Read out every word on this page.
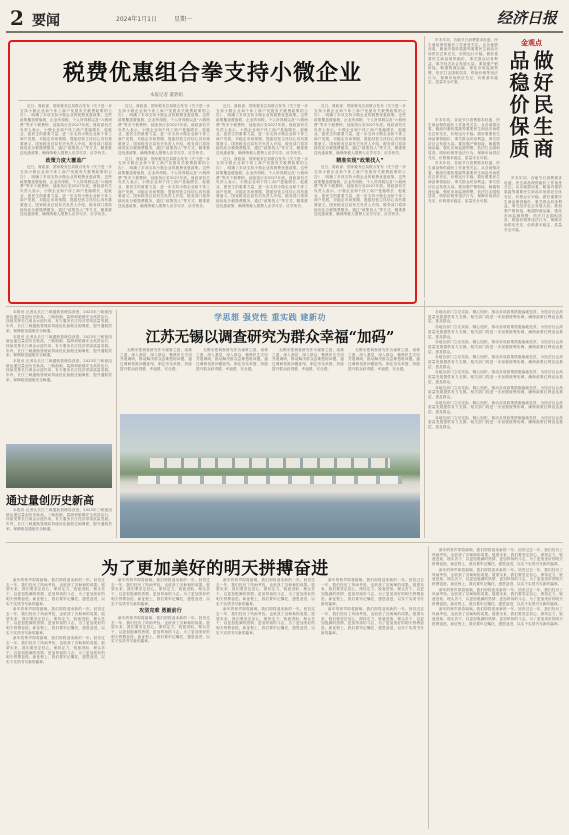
2 要闻	2024年1月1日	星期一	经济日报
税费优惠组合拳支持小微企业
本报记者 董碧娟

近日，财政部、国家税务总局联合发布《关于进一步支持小微企业和个体工商户发展有关税费政策的公告》，明确了多项支持小微企业的税费优惠政策。这些政策覆盖增值税、企业所得税、个人所得税以及“六税两费”等多个税费种，延续执行至2027年底。财政部有关负责人表示，小微企业和个体工商户是稳增长、促就业、惠民生的重要力量，进一步支持小微企业和个体工商户发展，对稳定市场预期、提振经营主体信心具有重要意义。国家税务总局有关负责人介绍，税务部门将持续优化办税缴费服务，通过“政策找人”等方式，精准推送优惠政策，确保纳税人缴费人应享尽享、应享快享。

政策力度大覆盖广

近日，财政部、国家税务总局联合发布《关于进一步支持小微企业和个体工商户发展有关税费政策的公告》，明确了多项支持小微企业的税费优惠政策。这些政策覆盖增值税、企业所得税、个人所得税以及“六税两费”等多个税费种，延续执行至2027年底。财政部有关负责人表示，小微企业和个体工商户是稳增长、促就业、惠民生的重要力量，进一步支持小微企业和个体工商户发展，对稳定市场预期、提振经营主体信心具有重要意义。国家税务总局有关负责人介绍，税务部门将持续优化办税缴费服务，通过“政策找人”等方式，精准推送优惠政策，确保纳税人缴费人应享尽享、应享快享。

近日，财政部、国家税务总局联合发布《关于进一步支持小微企业和个体工商户发展有关税费政策的公告》，明确了多项支持小微企业的税费优惠政策。这些政策覆盖增值税、企业所得税、个人所得税以及“六税两费”等多个税费种，延续执行至2027年底。财政部有关负责人表示，小微企业和个体工商户是稳增长、促就业、惠民生的重要力量，进一步支持小微企业和个体工商户发展，对稳定市场预期、提振经营主体信心具有重要意义。国家税务总局有关负责人介绍，税务部门将持续优化办税缴费服务，通过“政策找人”等方式，精准推送优惠政策，确保纳税人缴费人应享尽享、应享快享。

近日，财政部、国家税务总局联合发布《关于进一步支持小微企业和个体工商户发展有关税费政策的公告》，明确了多项支持小微企业的税费优惠政策。这些政策覆盖增值税、企业所得税、个人所得税以及“六税两费”等多个税费种，延续执行至2027年底。财政部有关负责人表示，小微企业和个体工商户是稳增长、促就业、惠民生的重要力量，进一步支持小微企业和个体工商户发展，对稳定市场预期、提振经营主体信心具有重要意义。国家税务总局有关负责人介绍，税务部门将持续优化办税缴费服务，通过“政策找人”等方式，精准推送优惠政策，确保纳税人缴费人应享尽享、应享快享。

近日，财政部、国家税务总局联合发布《关于进一步支持小微企业和个体工商户发展有关税费政策的公告》，明确了多项支持小微企业的税费优惠政策。这些政策覆盖增值税、企业所得税、个人所得税以及“六税两费”等多个税费种，延续执行至2027年底。财政部有关负责人表示，小微企业和个体工商户是稳增长、促就业、惠民生的重要力量，进一步支持小微企业和个体工商户发展，对稳定市场预期、提振经营主体信心具有重要意义。国家税务总局有关负责人介绍，税务部门将持续优化办税缴费服务，通过“政策找人”等方式，精准推送优惠政策，确保纳税人缴费人应享尽享、应享快享。

近日，财政部、国家税务总局联合发布《关于进一步支持小微企业和个体工商户发展有关税费政策的公告》，明确了多项支持小微企业的税费优惠政策。这些政策覆盖增值税、企业所得税、个人所得税以及“六税两费”等多个税费种，延续执行至2027年底。财政部有关负责人表示，小微企业和个体工商户是稳增长、促就业、惠民生的重要力量，进一步支持小微企业和个体工商户发展，对稳定市场预期、提振经营主体信心具有重要意义。国家税务总局有关负责人介绍，税务部门将持续优化办税缴费服务，通过“政策找人”等方式，精准推送优惠政策，确保纳税人缴费人应享尽享、应享快享。

近日，财政部、国家税务总局联合发布《关于进一步支持小微企业和个体工商户发展有关税费政策的公告》，明确了多项支持小微企业的税费优惠政策。这些政策覆盖增值税、企业所得税、个人所得税以及“六税两费”等多个税费种，延续执行至2027年底。财政部有关负责人表示，小微企业和个体工商户是稳增长、促就业、惠民生的重要力量，进一步支持小微企业和个体工商户发展，对稳定市场预期、提振经营主体信心具有重要意义。国家税务总局有关负责人介绍，税务部门将持续优化办税缴费服务，通过“政策找人”等方式，精准推送优惠政策，确保纳税人缴费人应享尽享、应享快享。

精准实现“政策找人”

近日，财政部、国家税务总局联合发布《关于进一步支持小微企业和个体工商户发展有关税费政策的公告》，明确了多项支持小微企业的税费优惠政策。这些政策覆盖增值税、企业所得税、个人所得税以及“六税两费”等多个税费种，延续执行至2027年底。财政部有关负责人表示，小微企业和个体工商户是稳增长、促就业、惠民生的重要力量，进一步支持小微企业和个体工商户发展，对稳定市场预期、提振经营主体信心具有重要意义。国家税务总局有关负责人介绍，税务部门将持续优化办税缴费服务，通过“政策找人”等方式，精准推送优惠政策，确保纳税人缴费人应享尽享、应享快享。

岁末年初，各地节日消费需求旺盛，民生商品保供稳价工作备受关注。从各地情况看，粮油肉蛋奶果蔬等重要民生商品市场供应总体充足，价格运行平稳。做好重要民生商品保供稳价，事关群众切身利益，事关经济社会发展大局。要加强产销衔接，畅通物流运输，强化市场监测预警，依法打击囤积居奇、哄抬价格等违法行为，保障市场供应充足、价格基本稳定、质量安全可靠。

金观点
做好民生商品稳价保质

岁末年初，各地节日消费需求旺盛，民生商品保供稳价工作备受关注。从各地情况看，粮油肉蛋奶果蔬等重要民生商品市场供应总体充足，价格运行平稳。做好重要民生商品保供稳价，事关群众切身利益，事关经济社会发展大局。要加强产销衔接，畅通物流运输，强化市场监测预警，依法打击囤积居奇、哄抬价格等违法行为，保障市场供应充足、价格基本稳定、质量安全可靠。

岁末年初，各地节日消费需求旺盛，民生商品保供稳价工作备受关注。从各地情况看，粮油肉蛋奶果蔬等重要民生商品市场供应总体充足，价格运行平稳。做好重要民生商品保供稳价，事关群众切身利益，事关经济社会发展大局。要加强产销衔接，畅通物流运输，强化市场监测预警，依法打击囤积居奇、哄抬价格等违法行为，保障市场供应充足、价格基本稳定、质量安全可靠。

岁末年初，各地节日消费需求旺盛，民生商品保供稳价工作备受关注。从各地情况看，粮油肉蛋奶果蔬等重要民生商品市场供应总体充足，价格运行平稳。做好重要民生商品保供稳价，事关群众切身利益，事关经济社会发展大局。要加强产销衔接，畅通物流运输，强化市场监测预警，依法打击囤积居奇、哄抬价格等违法行为，保障市场供应充足、价格基本稳定、质量安全可靠。

本报讯 记者从长江三峡通航管理局获悉，2023年三峡枢纽航运通过量创历史新高。三峡船闸、葛洲坝船闸安全高效运行，持续发挥长江黄金水道作用，有力服务长江经济带高质量发展。年内，长江三峡通航管理局持续优化船舶过闸调度，提升通航效率，保障枢纽通航安全畅通。

本报讯 记者从长江三峡通航管理局获悉，2023年三峡枢纽航运通过量创历史新高。三峡船闸、葛洲坝船闸安全高效运行，持续发挥长江黄金水道作用，有力服务长江经济带高质量发展。年内，长江三峡通航管理局持续优化船舶过闸调度，提升通航效率，保障枢纽通航安全畅通。

本报讯 记者从长江三峡通航管理局获悉，2023年三峡枢纽航运通过量创历史新高。三峡船闸、葛洲坝船闸安全高效运行，持续发挥长江黄金水道作用，有力服务长江经济带高质量发展。年内，长江三峡通航管理局持续优化船舶过闸调度，提升通航效率，保障枢纽通航安全畅通。

通过量创历史新高

本报讯 记者从长江三峡通航管理局获悉，2023年三峡枢纽航运通过量创历史新高。三峡船闸、葛洲坝船闸安全高效运行，持续发挥长江黄金水道作用，有力服务长江经济带高质量发展。年内，长江三峡通航管理局持续优化船舶过闸调度，提升通航效率，保障枢纽通航安全畅通。

学思想 强党性 重实践 建新功
江苏无锡以调查研究为群众幸福“加码”

无锡市把调查研究作为谋事之基、成事之道，深入基层、深入群众，聚焦民生关切开展调研，推动解决群众急难愁盼问题。通过调研找准问题症结，制定务实举措，持续提升群众获得感、幸福感、安全感。

无锡市把调查研究作为谋事之基、成事之道，深入基层、深入群众，聚焦民生关切开展调研，推动解决群众急难愁盼问题。通过调研找准问题症结，制定务实举措，持续提升群众获得感、幸福感、安全感。

无锡市把调查研究作为谋事之基、成事之道，深入基层、深入群众，聚焦民生关切开展调研，推动解决群众急难愁盼问题。通过调研找准问题症结，制定务实举措，持续提升群众获得感、幸福感、安全感。

无锡市把调查研究作为谋事之基、成事之道，深入基层、深入群众，聚焦民生关切开展调研，推动解决群众急难愁盼问题。通过调研找准问题症结，制定务实举措，持续提升群众获得感、幸福感、安全感。

各地各部门立足实际，精心组织，推动各项政策措施落地见效，为经济社会高质量发展提供有力支撑。相关部门将进一步加强统筹协调，确保政策红利直达基层、惠及群众。

各地各部门立足实际，精心组织，推动各项政策措施落地见效，为经济社会高质量发展提供有力支撑。相关部门将进一步加强统筹协调，确保政策红利直达基层、惠及群众。

各地各部门立足实际，精心组织，推动各项政策措施落地见效，为经济社会高质量发展提供有力支撑。相关部门将进一步加强统筹协调，确保政策红利直达基层、惠及群众。

各地各部门立足实际，精心组织，推动各项政策措施落地见效，为经济社会高质量发展提供有力支撑。相关部门将进一步加强统筹协调，确保政策红利直达基层、惠及群众。

各地各部门立足实际，精心组织，推动各项政策措施落地见效，为经济社会高质量发展提供有力支撑。相关部门将进一步加强统筹协调，确保政策红利直达基层、惠及群众。

各地各部门立足实际，精心组织，推动各项政策措施落地见效，为经济社会高质量发展提供有力支撑。相关部门将进一步加强统筹协调，确保政策红利直达基层、惠及群众。

各地各部门立足实际，精心组织，推动各项政策措施落地见效，为经济社会高质量发展提供有力支撑。相关部门将进一步加强统筹协调，确保政策红利直达基层、惠及群众。

各地各部门立足实际，精心组织，推动各项政策措施落地见效，为经济社会高质量发展提供有力支撑。相关部门将进一步加强统筹协调，确保政策红利直达基层、惠及群众。

为了更加美好的明天拼搏奋进

新年的钟声即将敲响，我们即将迎来新的一年。回首过去一年，我们经历了风雨考验，也收获了沉甸甸的成果。展望未来，我们要坚定信心，保持定力，锐意进取，埋头苦干，以更加饱满的热情、更加昂扬的斗志，为了更加美好的明天拼搏奋进。新征程上，我们要牢记嘱托，感恩奋进，以实干实绩书写新的篇章。

新年的钟声即将敲响，我们即将迎来新的一年。回首过去一年，我们经历了风雨考验，也收获了沉甸甸的成果。展望未来，我们要坚定信心，保持定力，锐意进取，埋头苦干，以更加饱满的热情、更加昂扬的斗志，为了更加美好的明天拼搏奋进。新征程上，我们要牢记嘱托，感恩奋进，以实干实绩书写新的篇章。

新年的钟声即将敲响，我们即将迎来新的一年。回首过去一年，我们经历了风雨考验，也收获了沉甸甸的成果。展望未来，我们要坚定信心，保持定力，锐意进取，埋头苦干，以更加饱满的热情、更加昂扬的斗志，为了更加美好的明天拼搏奋进。新征程上，我们要牢记嘱托，感恩奋进，以实干实绩书写新的篇章。

新年的钟声即将敲响，我们即将迎来新的一年。回首过去一年，我们经历了风雨考验，也收获了沉甸甸的成果。展望未来，我们要坚定信心，保持定力，锐意进取，埋头苦干，以更加饱满的热情、更加昂扬的斗志，为了更加美好的明天拼搏奋进。新征程上，我们要牢记嘱托，感恩奋进，以实干实绩书写新的篇章。

攻坚克难 勇毅前行

新年的钟声即将敲响，我们即将迎来新的一年。回首过去一年，我们经历了风雨考验，也收获了沉甸甸的成果。展望未来，我们要坚定信心，保持定力，锐意进取，埋头苦干，以更加饱满的热情、更加昂扬的斗志，为了更加美好的明天拼搏奋进。新征程上，我们要牢记嘱托，感恩奋进，以实干实绩书写新的篇章。

新年的钟声即将敲响，我们即将迎来新的一年。回首过去一年，我们经历了风雨考验，也收获了沉甸甸的成果。展望未来，我们要坚定信心，保持定力，锐意进取，埋头苦干，以更加饱满的热情、更加昂扬的斗志，为了更加美好的明天拼搏奋进。新征程上，我们要牢记嘱托，感恩奋进，以实干实绩书写新的篇章。

新年的钟声即将敲响，我们即将迎来新的一年。回首过去一年，我们经历了风雨考验，也收获了沉甸甸的成果。展望未来，我们要坚定信心，保持定力，锐意进取，埋头苦干，以更加饱满的热情、更加昂扬的斗志，为了更加美好的明天拼搏奋进。新征程上，我们要牢记嘱托，感恩奋进，以实干实绩书写新的篇章。

新年的钟声即将敲响，我们即将迎来新的一年。回首过去一年，我们经历了风雨考验，也收获了沉甸甸的成果。展望未来，我们要坚定信心，保持定力，锐意进取，埋头苦干，以更加饱满的热情、更加昂扬的斗志，为了更加美好的明天拼搏奋进。新征程上，我们要牢记嘱托，感恩奋进，以实干实绩书写新的篇章。

新年的钟声即将敲响，我们即将迎来新的一年。回首过去一年，我们经历了风雨考验，也收获了沉甸甸的成果。展望未来，我们要坚定信心，保持定力，锐意进取，埋头苦干，以更加饱满的热情、更加昂扬的斗志，为了更加美好的明天拼搏奋进。新征程上，我们要牢记嘱托，感恩奋进，以实干实绩书写新的篇章。

新年的钟声即将敲响，我们即将迎来新的一年。回首过去一年，我们经历了风雨考验，也收获了沉甸甸的成果。展望未来，我们要坚定信心，保持定力，锐意进取，埋头苦干，以更加饱满的热情、更加昂扬的斗志，为了更加美好的明天拼搏奋进。新征程上，我们要牢记嘱托，感恩奋进，以实干实绩书写新的篇章。

新年的钟声即将敲响，我们即将迎来新的一年。回首过去一年，我们经历了风雨考验，也收获了沉甸甸的成果。展望未来，我们要坚定信心，保持定力，锐意进取，埋头苦干，以更加饱满的热情、更加昂扬的斗志，为了更加美好的明天拼搏奋进。新征程上，我们要牢记嘱托，感恩奋进，以实干实绩书写新的篇章。

新年的钟声即将敲响，我们即将迎来新的一年。回首过去一年，我们经历了风雨考验，也收获了沉甸甸的成果。展望未来，我们要坚定信心，保持定力，锐意进取，埋头苦干，以更加饱满的热情、更加昂扬的斗志，为了更加美好的明天拼搏奋进。新征程上，我们要牢记嘱托，感恩奋进，以实干实绩书写新的篇章。

新年的钟声即将敲响，我们即将迎来新的一年。回首过去一年，我们经历了风雨考验，也收获了沉甸甸的成果。展望未来，我们要坚定信心，保持定力，锐意进取，埋头苦干，以更加饱满的热情、更加昂扬的斗志，为了更加美好的明天拼搏奋进。新征程上，我们要牢记嘱托，感恩奋进，以实干实绩书写新的篇章。
